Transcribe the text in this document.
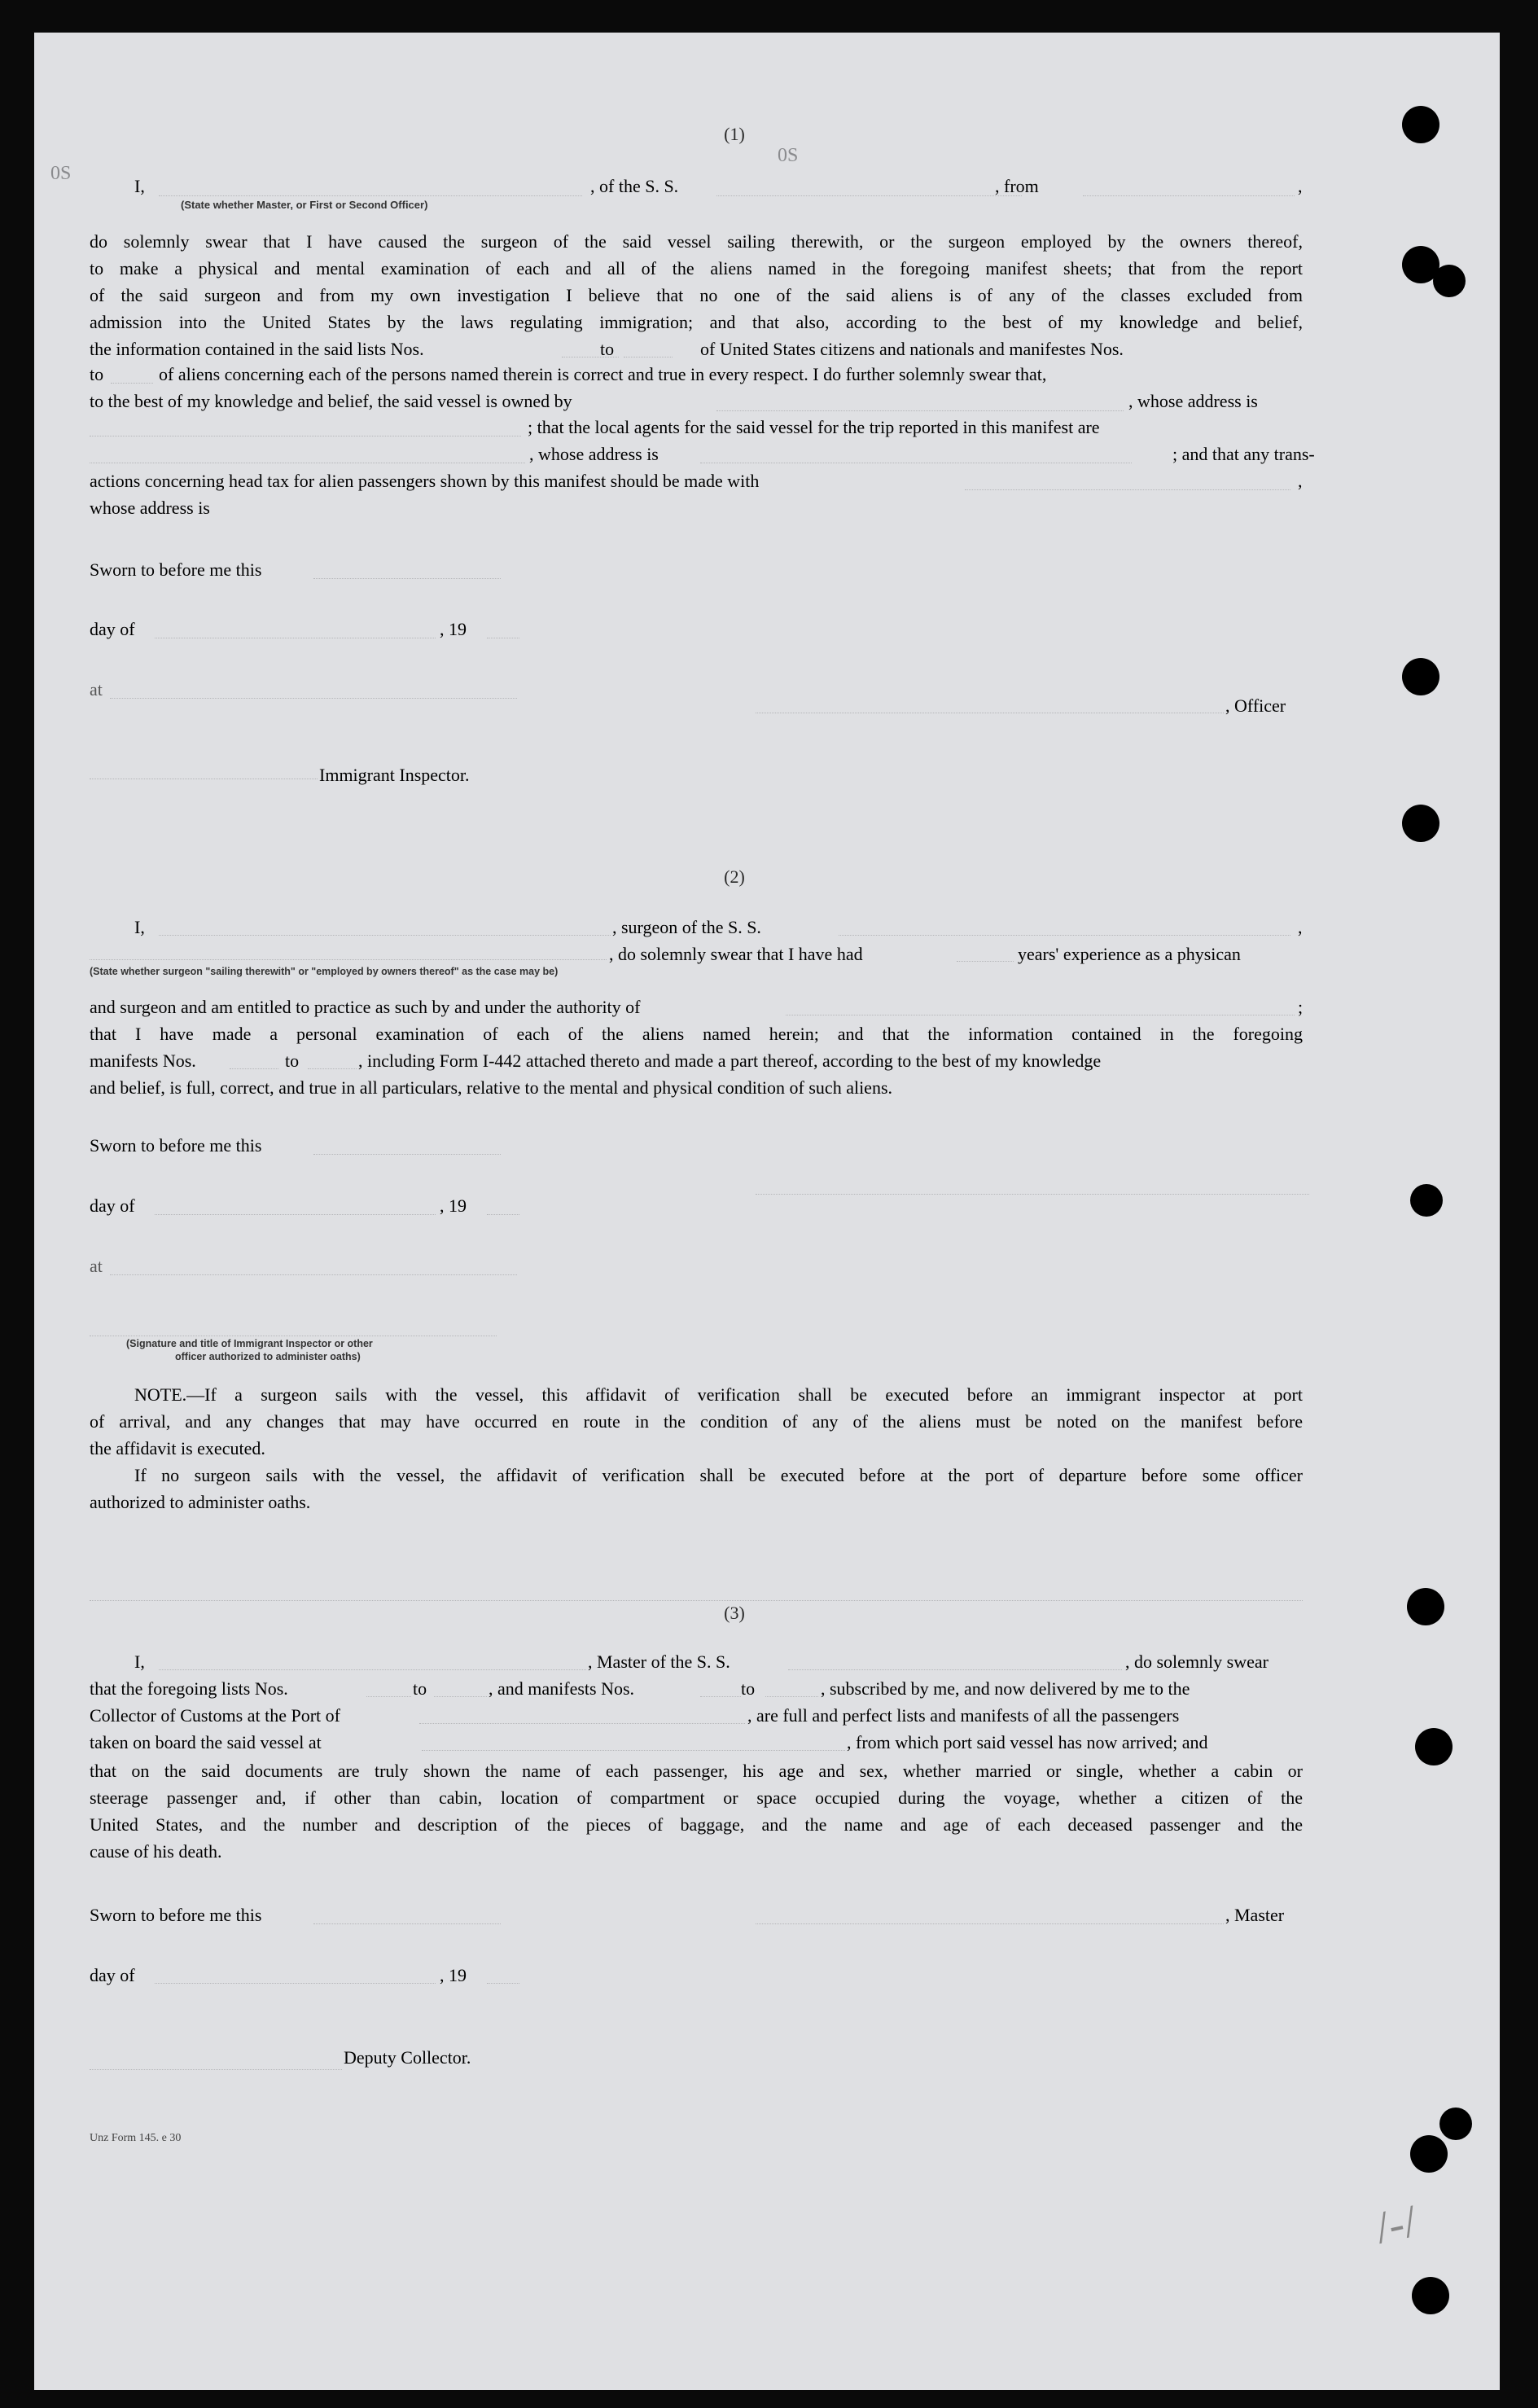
0S
0S
/-/
(1)
I,	, of the S. S.	, from	,
(State whether Master, or First or Second Officer)
do solemnly swear that I have caused the surgeon of the said vessel sailing therewith, or the surgeon employed by the owners thereof,
to make a physical and mental examination of each and all of the aliens named in the foregoing manifest sheets; that from the report
of the said surgeon and from my own investigation I believe that no one of the said aliens is of any of the classes excluded from
admission into the United States by the laws regulating immigration; and that also, according to the best of my knowledge and belief,
the information contained in the said lists Nos.	to	of United States citizens and nationals and manifestes Nos.
to	of aliens concerning each of the persons named therein is correct and true in every respect. I do further solemnly swear that,
to the best of my knowledge and belief, the said vessel is owned by	, whose address is
; that the local agents for the said vessel for the trip reported in this manifest are
, whose address is	; and that any trans-
actions concerning head tax for alien passengers shown by this manifest should be made with	,
whose address is
Sworn to before me this
day of	, 19
at
, Officer
Immigrant Inspector.
(2)
I,	, surgeon of the S. S.	,
, do solemnly swear that I have had	years' experience as a physican
(State whether surgeon "sailing therewith" or "employed by owners thereof" as the case may be)
and surgeon and am entitled to practice as such by and under the authority of	;
that I have made a personal examination of each of the aliens named herein; and that the information contained in the foregoing
manifests Nos.	to	, including Form I-442 attached thereto and made a part thereof, according to the best of my knowledge
and belief, is full, correct, and true in all particulars, relative to the mental and physical condition of such aliens.
Sworn to before me this
day of	, 19
at
(Signature and title of Immigrant Inspector or other
officer authorized to administer oaths)
NOTE.—If a surgeon sails with the vessel, this affidavit of verification shall be executed before an immigrant inspector at port
of arrival, and any changes that may have occurred en route in the condition of any of the aliens must be noted on the manifest before
the affidavit is executed.
If no surgeon sails with the vessel, the affidavit of verification shall be executed before at the port of departure before some officer
authorized to administer oaths.
(3)
I,	, Master of the S. S.	, do solemnly swear
that the foregoing lists Nos.	to	, and manifests Nos.	to	, subscribed by me, and now delivered by me to the
Collector of Customs at the Port of	, are full and perfect lists and manifests of all the passengers
taken on board the said vessel at	, from which port said vessel has now arrived; and
that on the said documents are truly shown the name of each passenger, his age and sex, whether married or single, whether a cabin or
steerage passenger and, if other than cabin, location of compartment or space occupied during the voyage, whether a citizen of the
United States, and the number and description of the pieces of baggage, and the name and age of each deceased passenger and the
cause of his death.
Sworn to before me this	, Master
day of	, 19
Deputy Collector.
Unz Form 145. e 30
